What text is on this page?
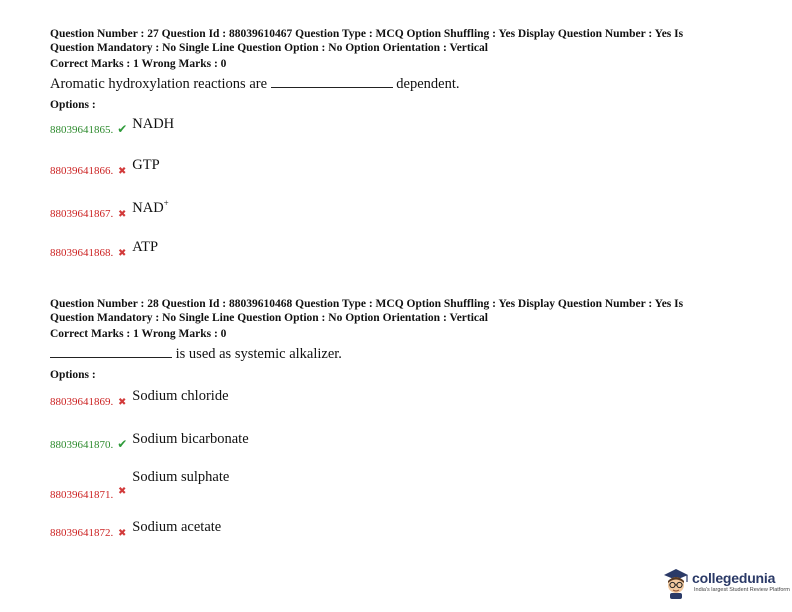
Question Number : 27 Question Id : 88039610467 Question Type : MCQ Option Shuffling : Yes Display Question Number : Yes Is
Question Mandatory : No Single Line Question Option : No Option Orientation : Vertical
Correct Marks : 1 Wrong Marks : 0
Aromatic hydroxylation reactions are	dependent.
Options :
88039641865. ✔ NADH
88039641866. ✖ GTP
88039641867. ✖ NAD+
88039641868. ✖ ATP
Question Number : 28 Question Id : 88039610468 Question Type : MCQ Option Shuffling : Yes Display Question Number : Yes Is
Question Mandatory : No Single Line Question Option : No Option Orientation : Vertical
Correct Marks : 1 Wrong Marks : 0
is used as systemic alkalizer.
Options :
88039641869. ✖ Sodium chloride
88039641870. ✔ Sodium bicarbonate
88039641871. ✖Sodium sulphate
88039641872. ✖ Sodium acetate
collegedunia
India's largest Student Review Platform
